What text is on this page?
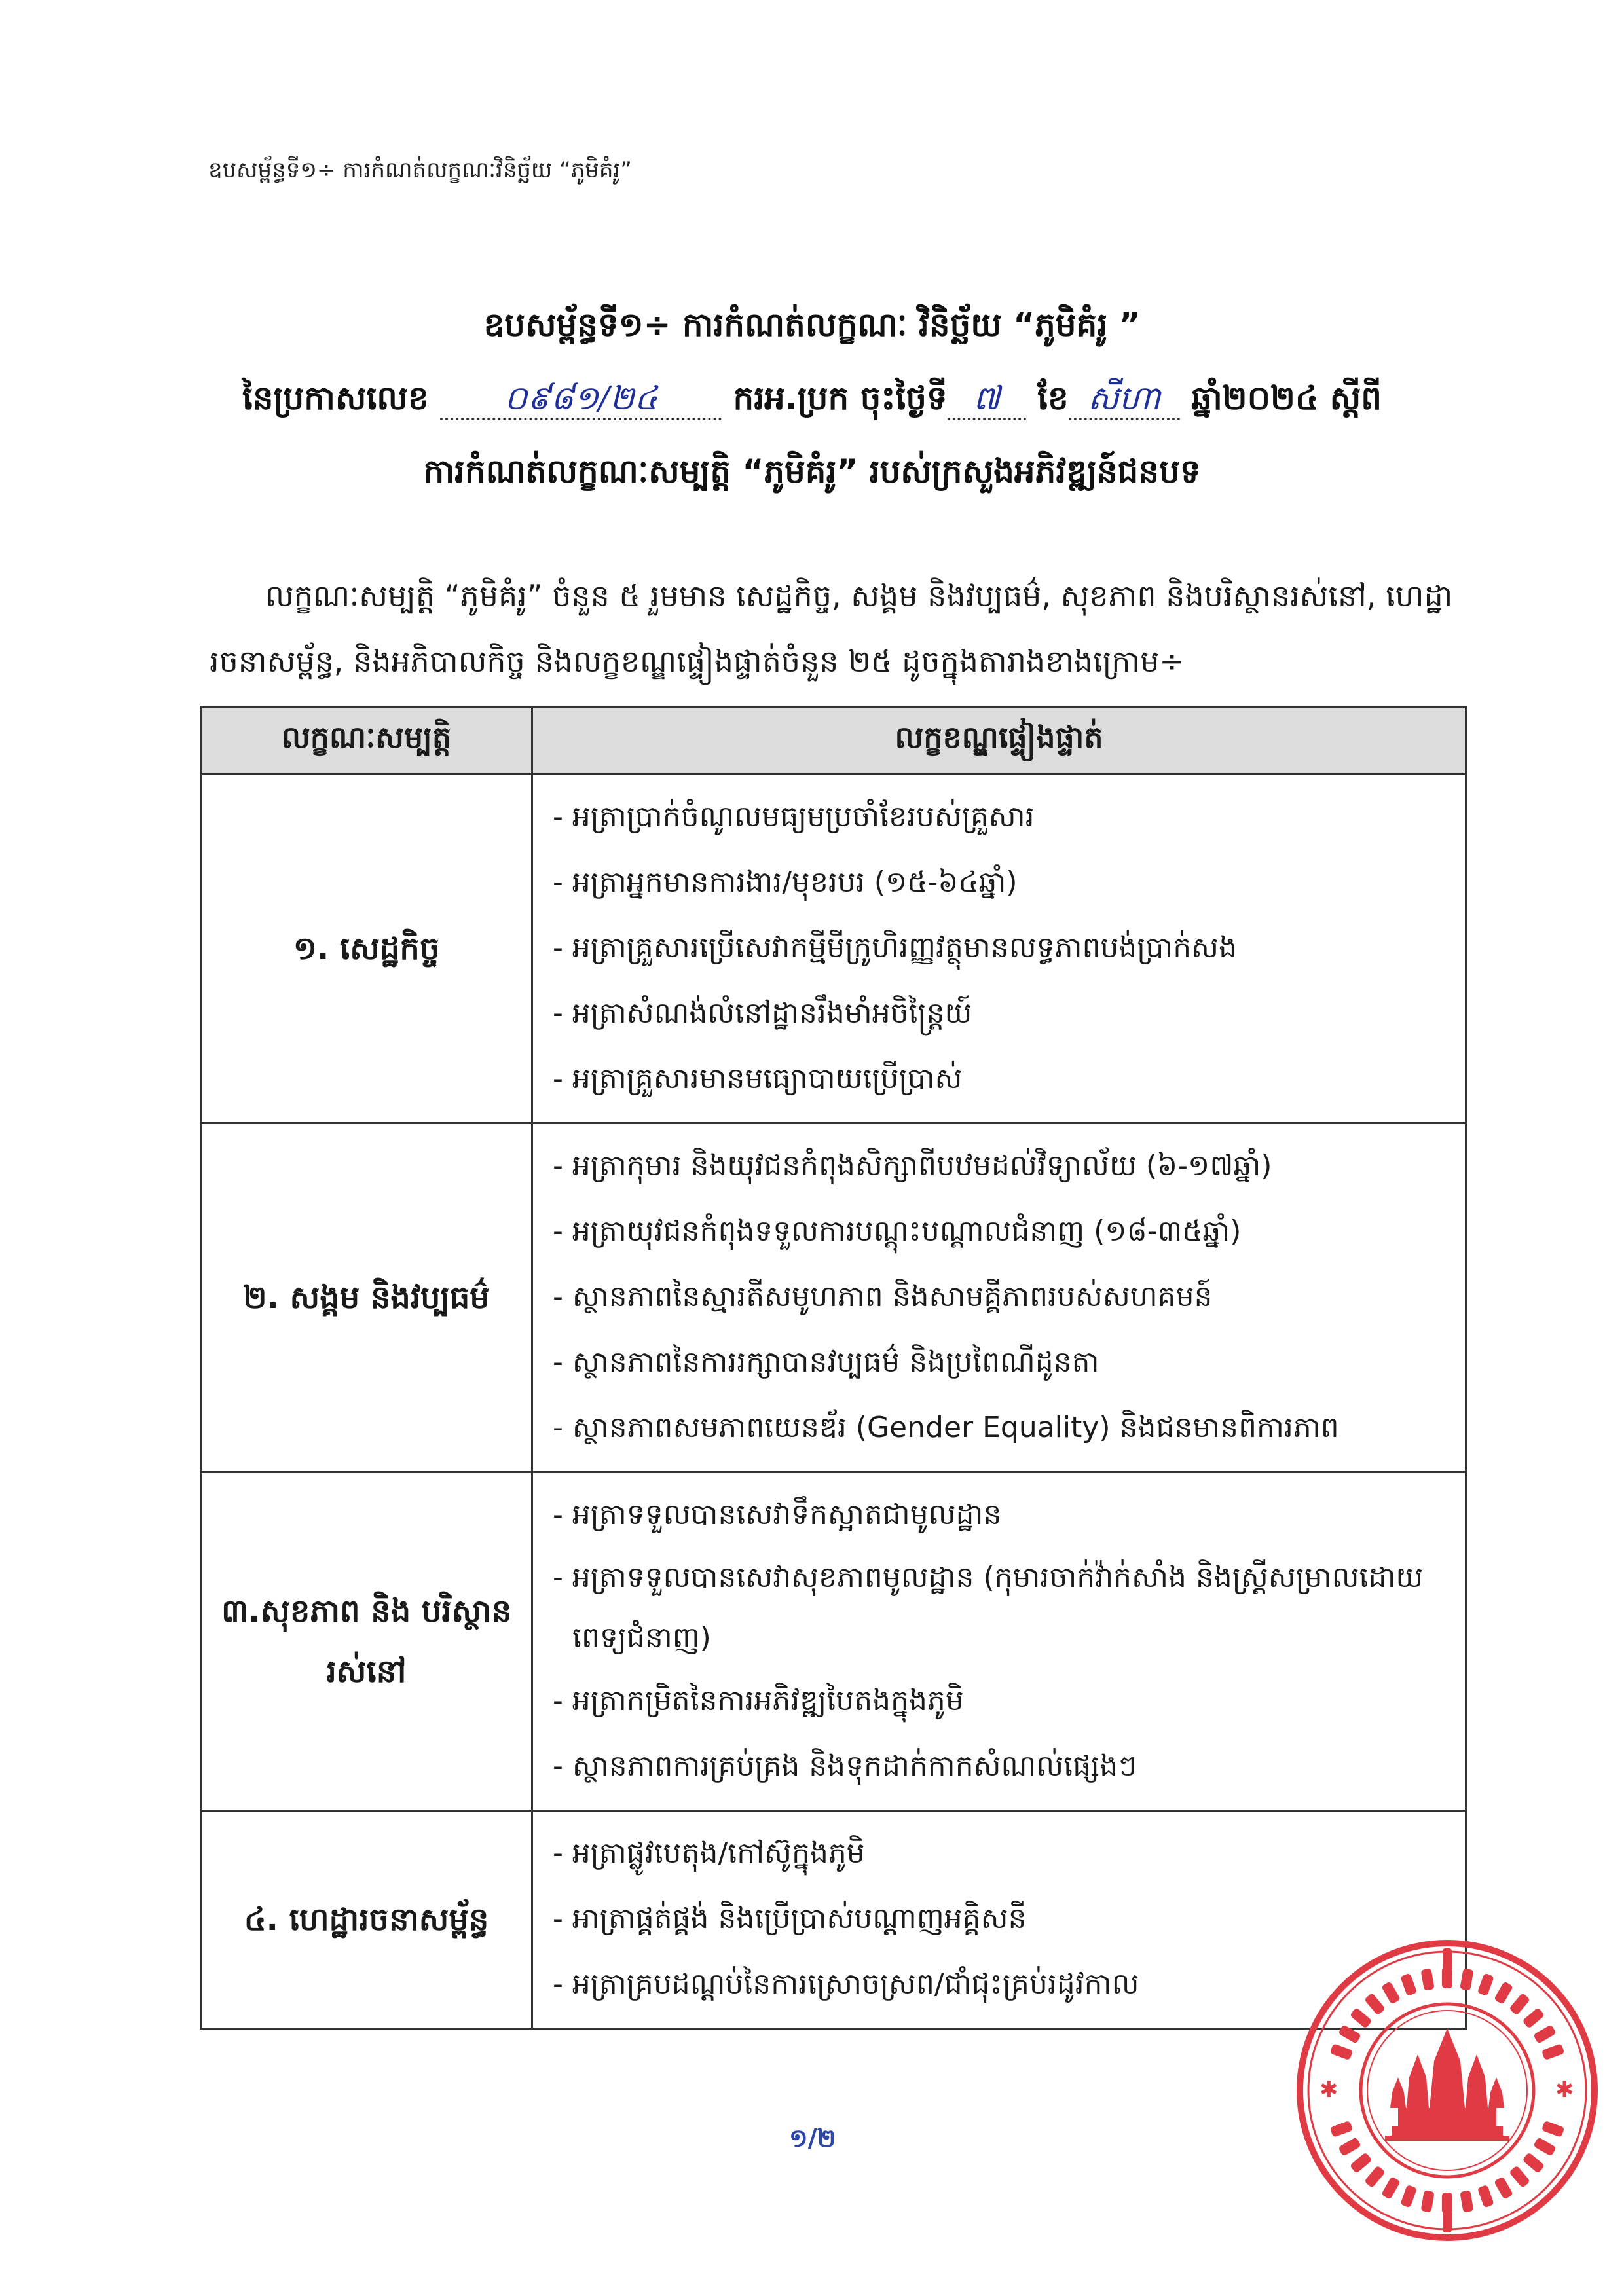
ឧបសម្ព័ន្ធទី១÷ ការកំណត់លក្ខណៈវិនិច្ឆ័យ “ភូមិគំរូ”
ឧបសម្ព័ន្ធទី១÷ ការកំណត់លក្ខណៈ វិនិច្ឆ័យ “ភូមិគំរូ ”
នៃប្រកាសលេខ ០៩៨១/២៤ ករអ.ប្រក ចុះថ្ងៃទី ៧ ខែ សីហា ឆ្នាំ២០២៤ ស្តីពី
ការកំណត់លក្ខណៈសម្បត្តិ “ភូមិគំរូ” របស់ក្រសួងអភិវឌ្ឍន៍ជនបទ

លក្ខណៈសម្បត្តិ “ភូមិគំរូ” ចំនួន ៥ រួមមាន សេដ្ឋកិច្ច, សង្គម និងវប្បធម៌, សុខភាព និងបរិស្ថានរស់នៅ, ហេដ្ឋារចនាសម្ព័ន្ធ, និងអភិបាលកិច្ច និងលក្ខខណ្ឌផ្ទៀងផ្ទាត់ចំនួន ២៥ ដូចក្នុងតារាងខាងក្រោម÷

លក្ខណៈសម្បត្តិ	លក្ខខណ្ឌផ្ទៀងផ្ទាត់
១. សេដ្ឋកិច្ច	- អត្រាប្រាក់ចំណូលមធ្យមប្រចាំខែរបស់គ្រួសារ
- អត្រាអ្នកមានការងារ/មុខរបរ (១៥-៦៤ឆ្នាំ)
- អត្រាគ្រួសារប្រើសេវាកម្មីមីក្រូហិរញ្ញវត្ថុមានលទ្ធភាពបង់ប្រាក់សង
- អត្រាសំណង់លំនៅដ្ឋានរឹងមាំអចិន្ត្រៃយ៍
- អត្រាគ្រួសារមានមធ្យោបាយប្រើប្រាស់

២. សង្គម និងវប្បធម៌	- អត្រាកុមារ និងយុវជនកំពុងសិក្សាពីបឋមដល់វិទ្យាល័យ (៦-១៧ឆ្នាំ)
- អត្រាយុវជនកំពុងទទួលការបណ្តុះបណ្តាលជំនាញ (១៨-៣៥ឆ្នាំ)
- ស្ថានភាពនៃស្មារតីសមូហភាព និងសាមគ្គីភាពរបស់សហគមន៍
- ស្ថានភាពនៃការរក្សាបានវប្បធម៌ និងប្រពៃណីដូនតា
- ស្ថានភាពសមភាពយេនឌ័រ (Gender Equality) និងជនមានពិការភាព

៣.សុខភាព និង បរិស្ថានរស់នៅ	- អត្រាទទួលបានសេវាទឹកស្អាតជាមូលដ្ឋាន
- អត្រាទទួលបានសេវាសុខភាពមូលដ្ឋាន (កុមារចាក់វ៉ាក់សាំង និងស្ត្រីសម្រាលដោយពេទ្យជំនាញ)
- អត្រាកម្រិតនៃការអភិវឌ្ឍបៃតងក្នុងភូមិ
- ស្ថានភាពការគ្រប់គ្រង និងទុកដាក់កាកសំណល់ផ្សេងៗ

៤. ហេដ្ឋារចនាសម្ព័ន្ធ	- អត្រាផ្លូវបេតុង/កៅស៊ូក្នុងភូមិ
- អាត្រាផ្គត់ផ្គង់ និងប្រើប្រាស់បណ្តាញអគ្គិសនី
- អត្រាគ្របដណ្តប់នៃការស្រោចស្រព/ជាំជុះគ្រប់រដូវកាល
១/២
✱	✱
